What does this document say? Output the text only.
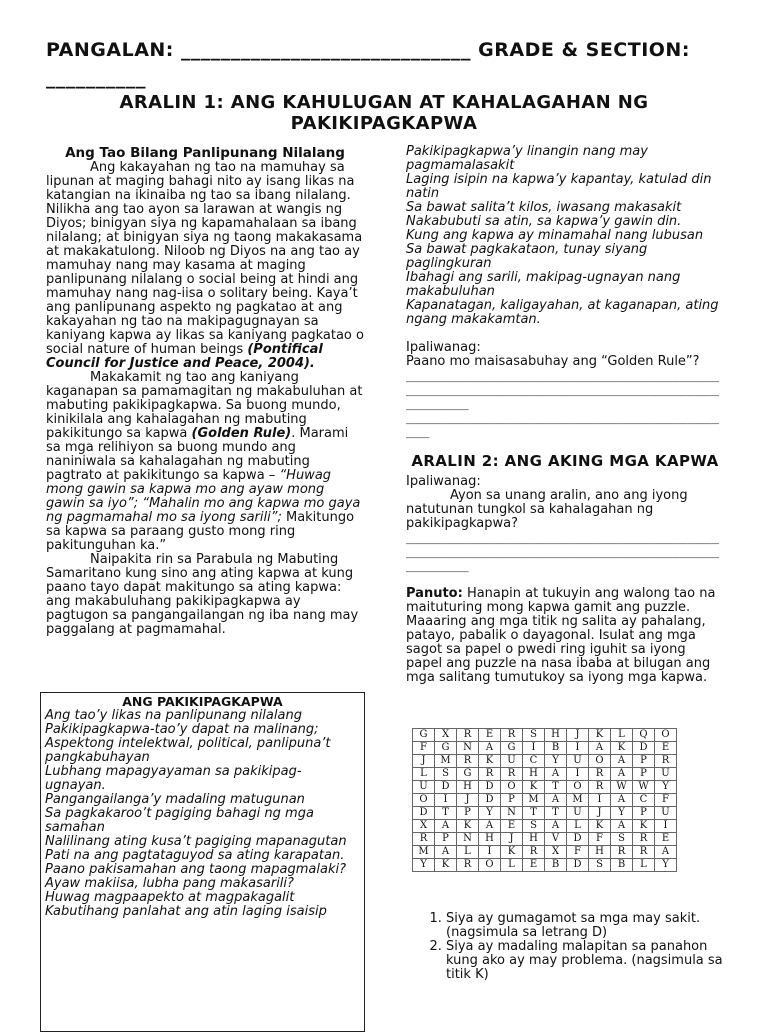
PANGALAN: _____________________________ GRADE & SECTION:
__________
ARALIN 1: ANG KAHULUGAN AT KAHALAGAHAN NG PAKIKIPAGKAPWA

Ang Tao Bilang Panlipunang Nilalang

Ang kakayahan ng tao na mamuhay sa lipunan at maging bahagi nito ay isang likas na katangian na ikinaiba ng tao sa ibang nilalang. Nilikha ang tao ayon sa larawan at wangis ng Diyos; binigyan siya ng kapamahalaan sa ibang nilalang; at binigyan siya ng taong makakasama at makakatulong. Niloob ng Diyos na ang tao ay mamuhay nang may kasama at maging panlipunang nilalang o social being at hindi ang mamuhay nang nag-iisa o solitary being. Kaya’t ang panlipunang aspekto ng pagkatao at ang kakayahan ng tao na makipagugnayan sa kaniyang kapwa ay likas sa kaniyang pagkatao o social nature of human beings (Pontifical Council for Justice and Peace, 2004).

Makakamit ng tao ang kaniyang kaganapan sa pamamagitan ng makabuluhan at mabuting pakikipagkapwa. Sa buong mundo, kinikilala ang kahalagahan ng mabuting pakikitungo sa kapwa (Golden Rule). Marami sa mga relihiyon sa buong mundo ang naniniwala sa kahalagahan ng mabuting pagtrato at pakikitungo sa kapwa – “Huwag mong gawin sa kapwa mo ang ayaw mong gawin sa iyo”; “Mahalin mo ang kapwa mo gaya ng pagmamahal mo sa iyong sarili”; Makitungo sa kapwa sa paraang gusto mong ring pakitunguhan ka.”

Naipakita rin sa Parabula ng Mabuting Samaritano kung sino ang ating kapwa at kung paano tayo dapat makitungo sa ating kapwa: ang makabuluhang pakikipagkapwa ay pagtugon sa pangangailangan ng iba nang may paggalang at pagmamahal.

ANG PAKIKIPAGKAPWA

Ang tao’y likas na panlipunang nilalang

Pakikipagkapwa-tao’y dapat na malinang;

Aspektong intelektwal, political, panlipuna’t pangkabuhayan

Lubhang mapagyayaman sa pakikipag-ugnayan.

Pangangailanga’y madaling matugunan

Sa pagkakaroo’t pagiging bahagi ng mga samahan

Nalilinang ating kusa’t pagiging mapanagutan

Pati na ang pagtataguyod sa ating karapatan.

Paano pakisamahan ang taong mapagmalaki?

Ayaw makiisa, lubha pang makasarili?

Huwag magpaapekto at magpakagalit

Kabutihang panlahat ang atin laging isaisip

Pakikipagkapwa’y linangin nang may pagmamalasakit

Laging isipin na kapwa’y kapantay, katulad din natin

Sa bawat salita’t kilos, iwasang makasakit

Nakabubuti sa atin, sa kapwa’y gawin din.

Kung ang kapwa ay minamahal nang lubusan

Sa bawat pagkakataon, tunay siyang paglingkuran

Ibahagi ang sarili, makipag-ugnayan nang makabuluhan

Kapanatagan, kaligayahan, at kaganapan, ating ngang makakamtan.

Ipaliwanag:

Paano mo maisasabuhay ang “Golden Rule”?

________________________________________
________________________________________
________
________________________________________
___

ARALIN 2: ANG AKING MGA KAPWA

Ipaliwanag:

Ayon sa unang aralin, ano ang iyong natutunan tungkol sa kahalagahan ng pakikipagkapwa?

________________________________________
________________________________________
________

Panuto: Hanapin at tukuyin ang walong tao na maituturing mong kapwa gamit ang puzzle. Maaaring ang mga titik ng salita ay pahalang, patayo, pabalik o dayagonal. Isulat ang mga sagot sa papel o pwedi ring iguhit sa iyong papel ang puzzle na nasa ibaba at bilugan ang mga salitang tumutukoy sa iyong mga kapwa.

G	X	R	E	R	S	H	J	K	L	Q	O
F	G	N	A	G	I	B	I	A	K	D	E
J	M	R	K	U	C	Y	U	O	A	P	R
L	S	G	R	R	H	A	I	R	A	P	U
U	D	H	D	O	K	T	O	R	W	W	Y
O	I	J	D	P	M	A	M	I	A	C	F
D	T	P	Y	N	T	T	U	J	Y	P	U
X	A	K	A	E	S	A	L	K	A	K	I
R	P	N	H	J	H	V	D	F	S	R	E
M	A	L	I	K	R	X	F	H	R	R	A
Y	K	R	O	L	E	B	D	S	B	L	Y
1. Siya ay gumagamot sa mga may sakit. (nagsimula sa letrang D)
2. Siya ay madaling malapitan sa panahon kung ako ay may problema. (nagsimula sa titik K)
